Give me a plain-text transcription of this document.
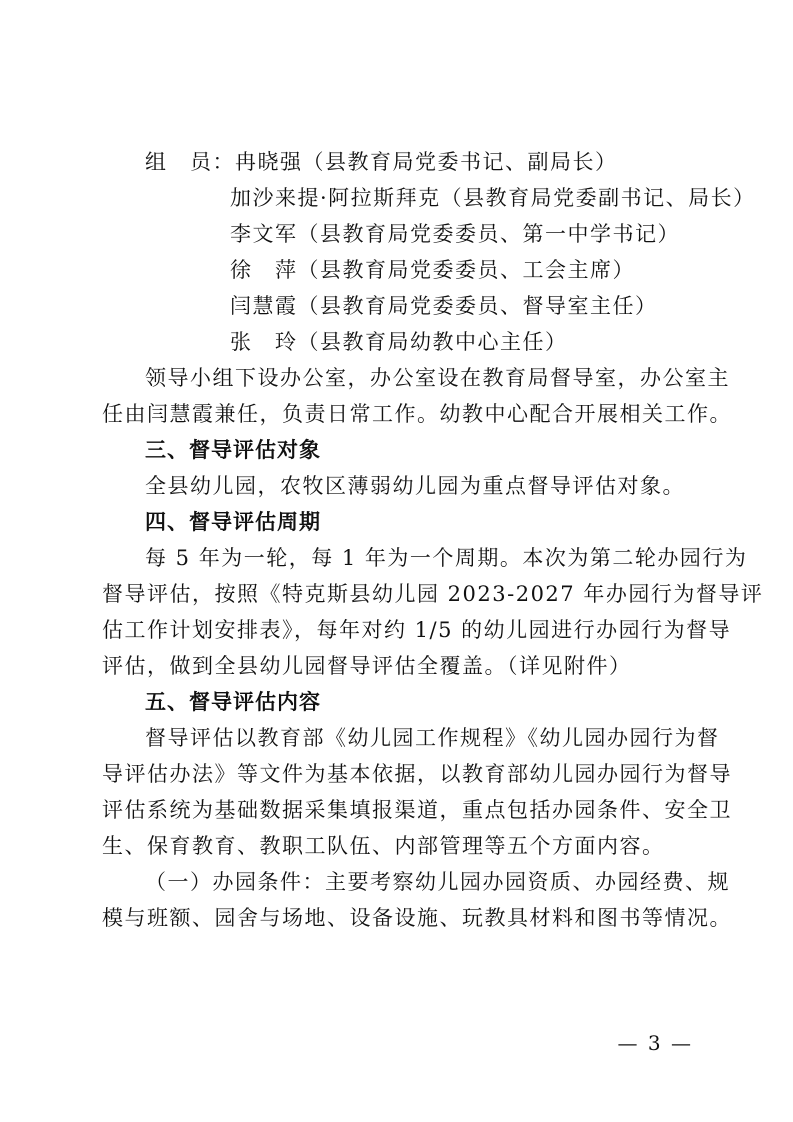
组　员：冉晓强（县教育局党委书记、副局长）
加沙来提·阿拉斯拜克（县教育局党委副书记、局长）
李文军（县教育局党委委员、第一中学书记）
徐　萍（县教育局党委委员、工会主席）
闫慧霞（县教育局党委委员、督导室主任）
张　玲（县教育局幼教中心主任）
领导小组下设办公室，办公室设在教育局督导室，办公室主
任由闫慧霞兼任，负责日常工作。幼教中心配合开展相关工作。
三、督导评估对象
全县幼儿园，农牧区薄弱幼儿园为重点督导评估对象。
四、督导评估周期
每 5 年为一轮，每 1 年为一个周期。本次为第二轮办园行为
督导评估，按照《特克斯县幼儿园 2023-2027 年办园行为督导评
估工作计划安排表》，每年对约 1/5 的幼儿园进行办园行为督导
评估，做到全县幼儿园督导评估全覆盖。（详见附件）
五、督导评估内容
督导评估以教育部《幼儿园工作规程》《幼儿园办园行为督
导评估办法》等文件为基本依据，以教育部幼儿园办园行为督导
评估系统为基础数据采集填报渠道，重点包括办园条件、安全卫
生、保育教育、教职工队伍、内部管理等五个方面内容。
（一）办园条件：主要考察幼儿园办园资质、办园经费、规
模与班额、园舍与场地、设备设施、玩教具材料和图书等情况。
— 3 —
